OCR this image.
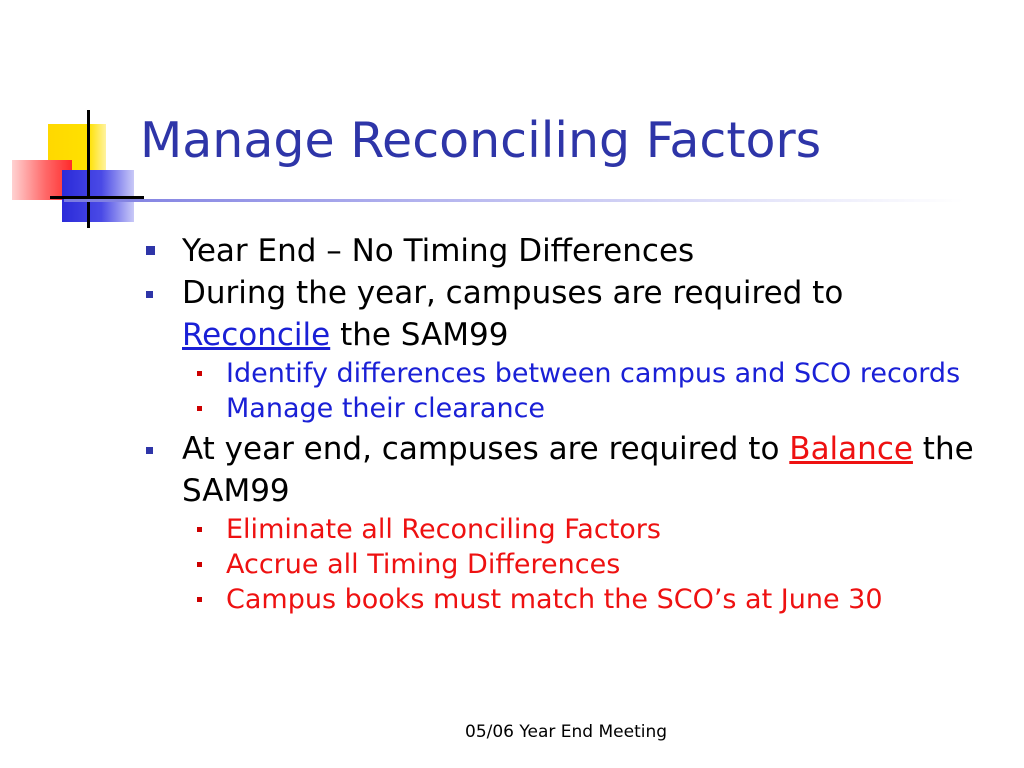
Manage Reconciling Factors
Year End – No Timing Differences
During the year, campuses are required to Reconcile the SAM99
Identify differences between campus and SCO records
Manage their clearance
At year end, campuses are required to Balance the SAM99
Eliminate all Reconciling Factors
Accrue all Timing Differences
Campus books must match the SCO’s at June 30
05/06 Year End Meeting
